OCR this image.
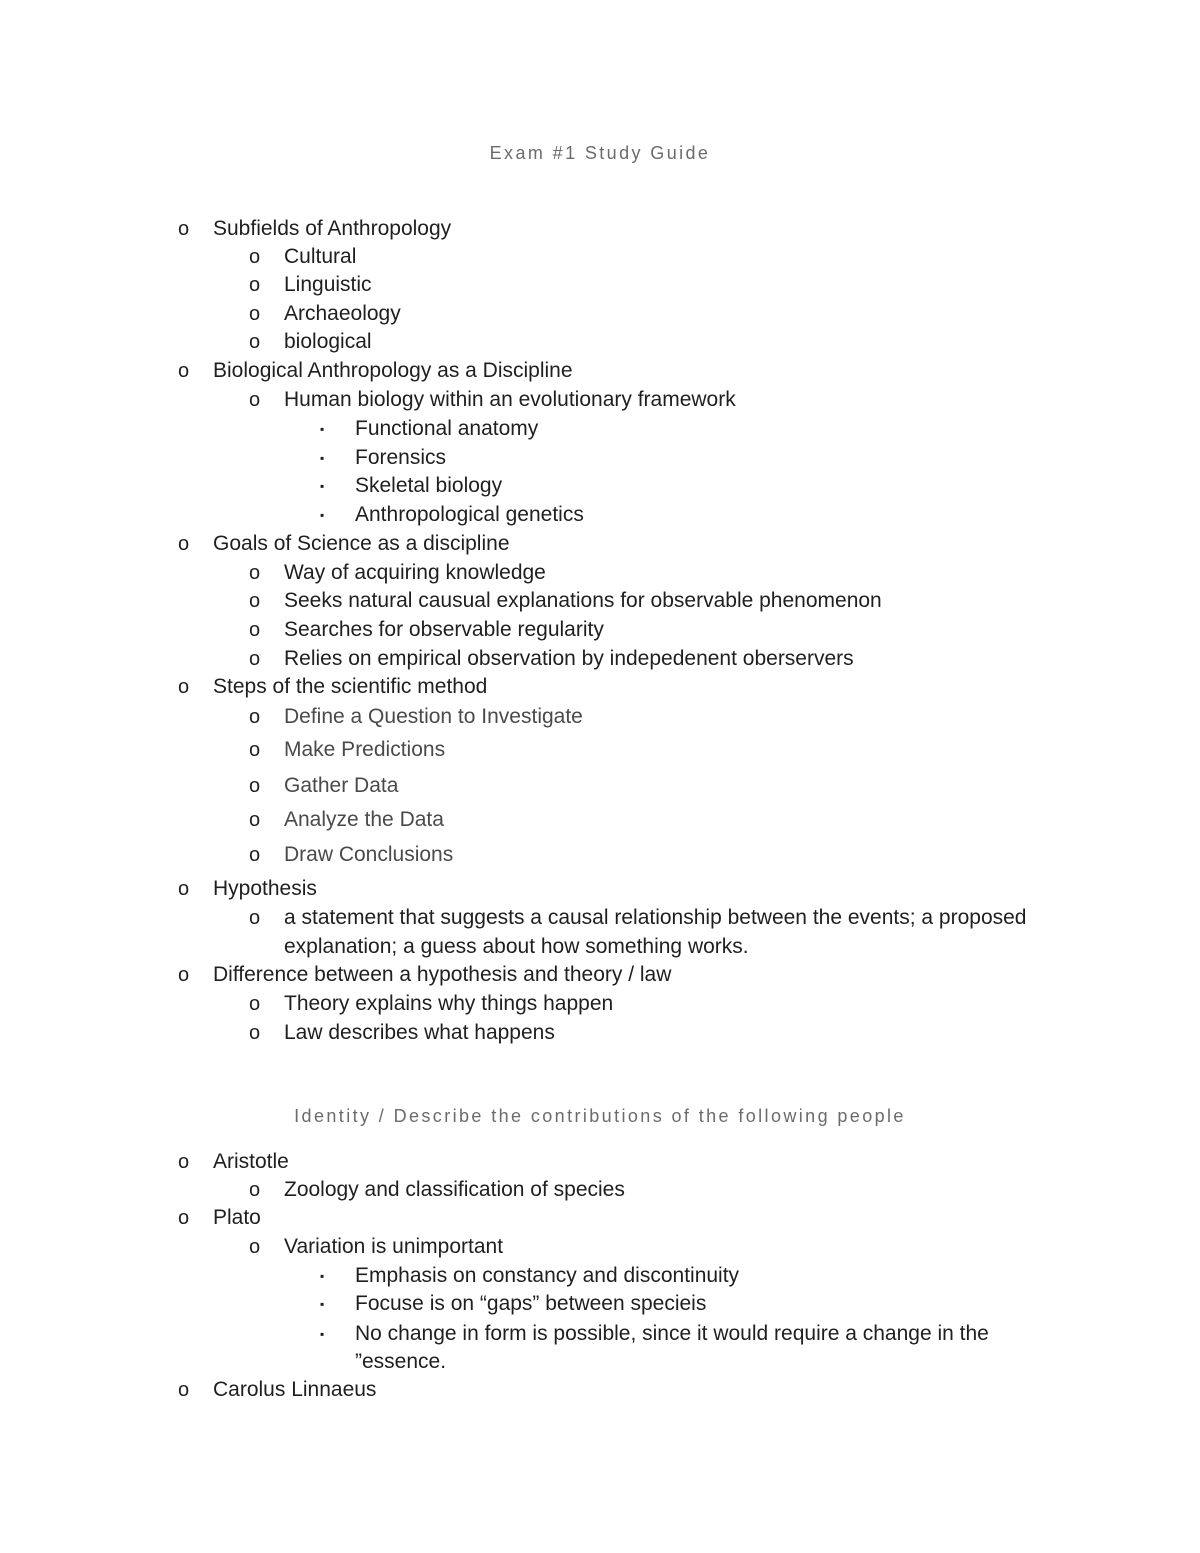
Exam #1 Study Guide
Identity / Describe the contributions of the following people
o Subfields of Anthropology
o Cultural
o Linguistic
o Archaeology
o biological
o Biological Anthropology as a Discipline
o Human biology within an evolutionary framework
▪ Functional anatomy
▪ Forensics
▪ Skeletal biology
▪ Anthropological genetics
o Goals of Science as a discipline
o Way of acquiring knowledge
o Seeks natural causual explanations for observable phenomenon
o Searches for observable regularity
o Relies on empirical observation by indepedenent oberservers
o Steps of the scientific method
o Define a Question to Investigate
o Make Predictions
o Gather Data
o Analyze the Data
o Draw Conclusions
o Hypothesis
o a statement that suggests a causal relationship between the events; a proposed
explanation; a guess about how something works.
o Difference between a hypothesis and theory / law
o Theory explains why things happen
o Law describes what happens
o Aristotle
o Zoology and classification of species
o Plato
o Variation is unimportant
▪ Emphasis on constancy and discontinuity
▪ Focuse is on “gaps” between specieis
▪ No change in form is possible, since it would require a change in the
”essence.
o Carolus Linnaeus
